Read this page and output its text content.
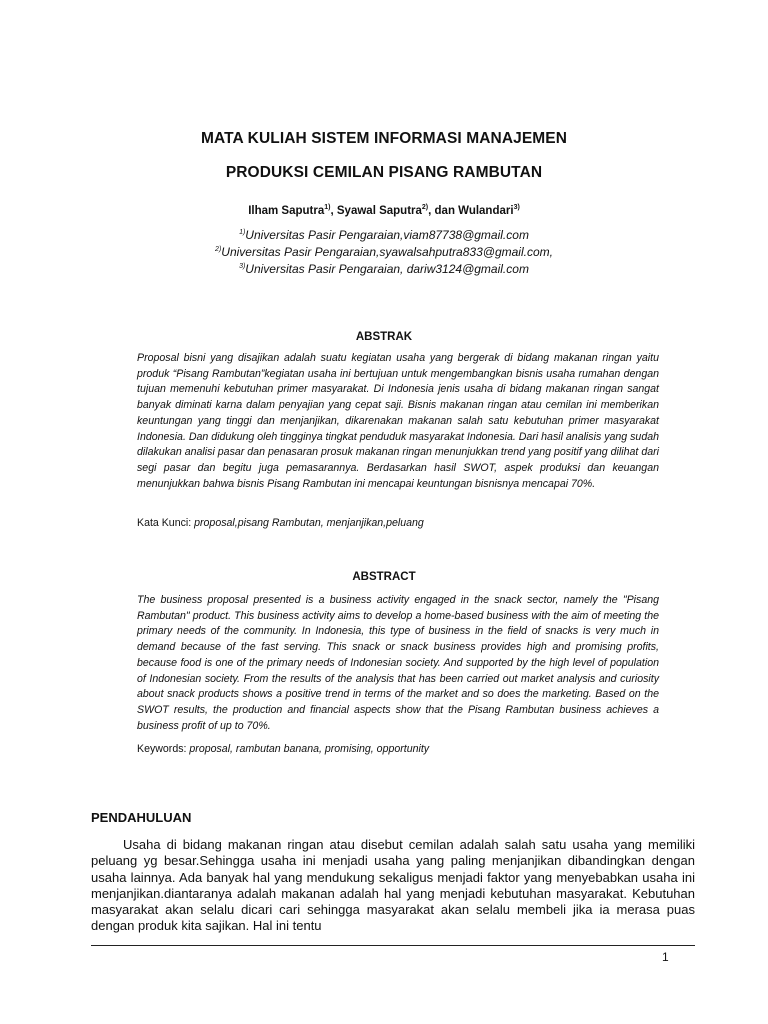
MATA KULIAH SISTEM INFORMASI MANAJEMEN
PRODUKSI CEMILAN PISANG RAMBUTAN
Ilham Saputra$^{1)}$, Syawal Saputra$^{2)}$, dan Wulandari$^{3)}$
$^{1)}$Universitas Pasir Pengaraian,viam87738@gmail.com
$^{2)}$Universitas Pasir Pengaraian,syawalsahputra833@gmail.com,
$^{3)}$Universitas Pasir Pengaraian, dariw3124@gmail.com
ABSTRAK

Proposal bisni yang disajikan adalah suatu kegiatan usaha yang bergerak di bidang makanan ringan yaitu produk “Pisang Rambutan”kegiatan usaha ini bertujuan untuk mengembangkan bisnis usaha rumahan dengan tujuan memenuhi kebutuhan primer masyarakat. Di Indonesia jenis usaha di bidang makanan ringan sangat banyak diminati karna dalam penyajian yang cepat saji. Bisnis makanan ringan atau cemilan ini memberikan keuntungan yang tinggi dan menjanjikan, dikarenakan makanan salah satu kebutuhan primer masyarakat Indonesia. Dan didukung oleh tingginya tingkat penduduk masyarakat Indonesia. Dari hasil analisis yang sudah dilakukan analisi pasar dan penasaran prosuk makanan ringan menunjukkan trend yang positif yang dilihat dari segi pasar dan begitu juga pemasarannya. Berdasarkan hasil SWOT, aspek produksi dan keuangan menunjukkan bahwa bisnis Pisang Rambutan ini mencapai keuntungan bisnisnya mencapai 70%.

Kata Kunci: proposal,pisang Rambutan, menjanjikan,peluang

ABSTRACT

The business proposal presented is a business activity engaged in the snack sector, namely the "Pisang Rambutan" product. This business activity aims to develop a home-based business with the aim of meeting the primary needs of the community. In Indonesia, this type of business in the field of snacks is very much in demand because of the fast serving. This snack or snack business provides high and promising profits, because food is one of the primary needs of Indonesian society. And supported by the high level of population of Indonesian society. From the results of the analysis that has been carried out market analysis and curiosity about snack products shows a positive trend in terms of the market and so does the marketing. Based on the SWOT results, the production and financial aspects show that the Pisang Rambutan business achieves a business profit of up to 70%.

Keywords: proposal, rambutan banana, promising, opportunity

PENDAHULUAN

Usaha di bidang makanan ringan atau disebut cemilan adalah salah satu usaha yang memiliki peluang yg besar.Sehingga usaha ini menjadi usaha yang paling menjanjikan dibandingkan dengan usaha lainnya. Ada banyak hal yang mendukung sekaligus menjadi faktor yang menyebabkan usaha ini menjanjikan.diantaranya adalah makanan adalah hal yang menjadi kebutuhan masyarakat. Kebutuhan masyarakat akan selalu dicari cari sehingga masyarakat akan selalu membeli jika ia merasa puas dengan produk kita sajikan. Hal ini tentu

1
